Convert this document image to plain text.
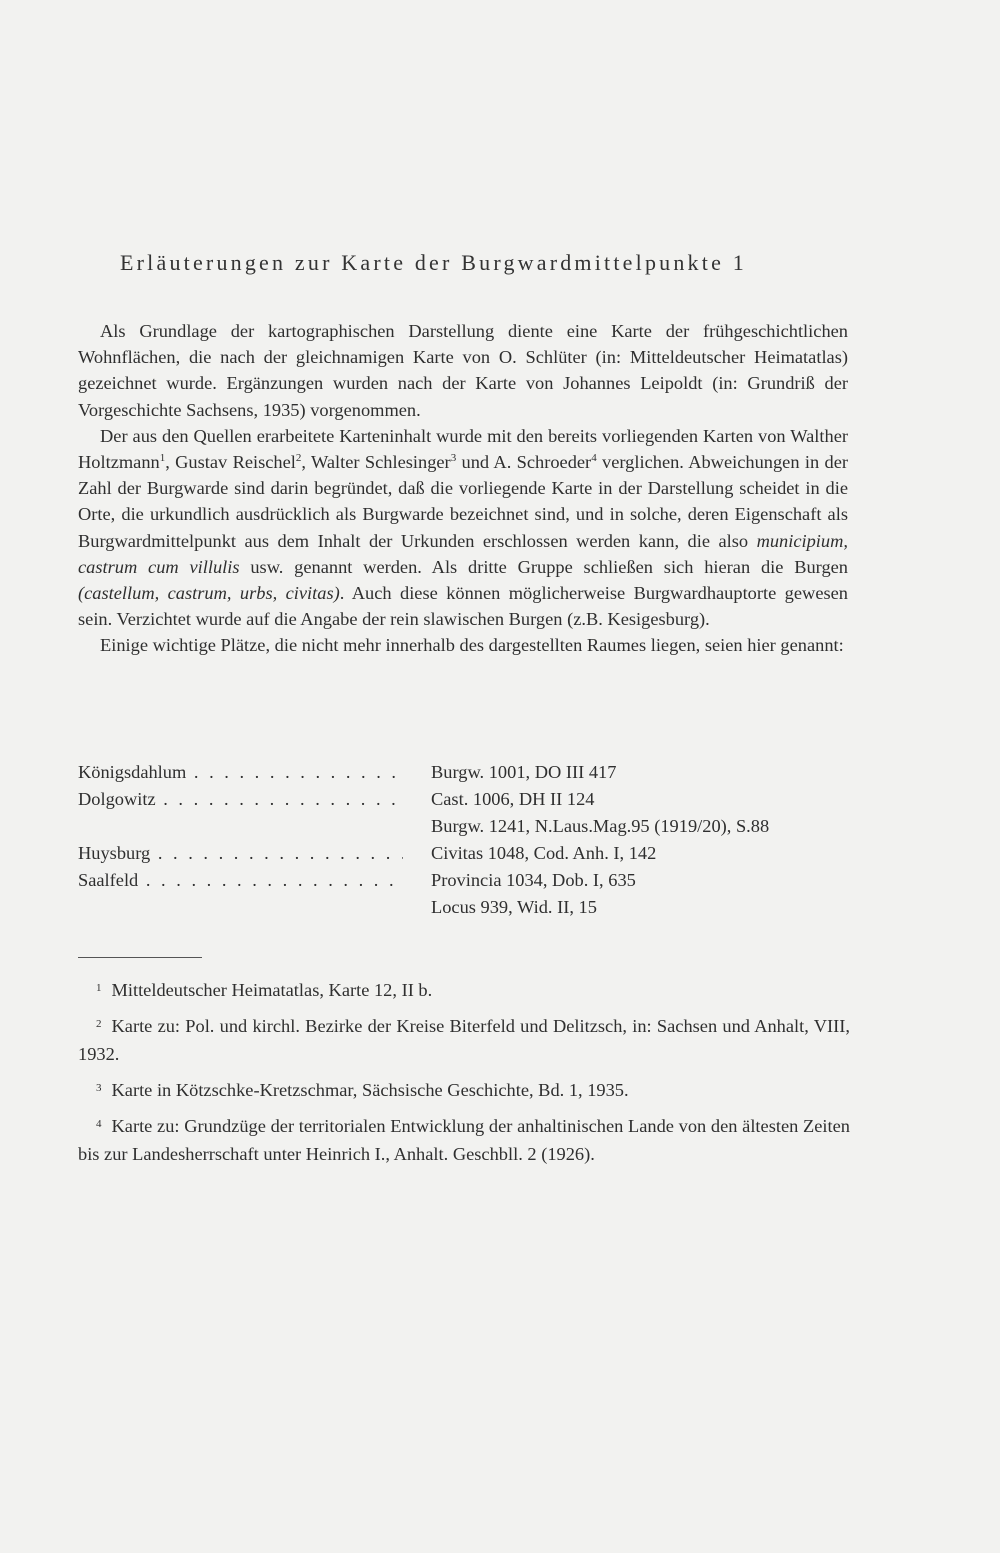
Erläuterungen zur Karte der Burgwardmittelpunkte 1

Als Grundlage der kartographischen Darstellung diente eine Karte der frühgeschichtlichen Wohnflächen, die nach der gleichnamigen Karte von O. Schlüter (in: Mitteldeutscher Heimatatlas) gezeichnet wurde. Ergänzungen wurden nach der Karte von Johannes Leipoldt (in: Grundriß der Vorgeschichte Sachsens, 1935) vorgenommen.

Der aus den Quellen erarbeitete Karteninhalt wurde mit den bereits vorliegenden Karten von Walther Holtzmann$^1$, Gustav Reischel$^2$, Walter Schlesinger$^3$ und A. Schroeder$^4$ verglichen. Abweichungen in der Zahl der Burgwarde sind darin begründet, daß die vorliegende Karte in der Darstellung scheidet in die Orte, die urkundlich ausdrücklich als Burgwarde bezeichnet sind, und in solche, deren Eigenschaft als Burgwardmittelpunkt aus dem Inhalt der Urkunden erschlossen werden kann, die also municipium, castrum cum villulis usw. genannt werden. Als dritte Gruppe schließen sich hieran die Burgen (castellum, castrum, urbs, civitas). Auch diese können möglicherweise Burgwardhauptorte gewesen sein. Verzichtet wurde auf die Angabe der rein slawischen Burgen (z.B. Kesigesburg).

Einige wichtige Plätze, die nicht mehr innerhalb des dargestellten Raumes liegen, seien hier genannt:

Königsdahlum . . .	Burgw. 1001, DO III 417
Dolgowitz . . .	Cast. 1006, DH II 124
Burgw. 1241, N.Laus.Mag.95 (1919/20), S.88
Huysburg . . .	Civitas 1048, Cod. Anh. I, 142
Saalfeld . . .	Provincia 1034, Dob. I, 635
Locus 939, Wid. II, 15

$^1$ Mitteldeutscher Heimatatlas, Karte 12, II b.

$^2$ Karte zu: Pol. und kirchl. Bezirke der Kreise Biterfeld und Delitzsch, in: Sachsen und Anhalt, VIII, 1932.

$^3$ Karte in Kötzschke-Kretzschmar, Sächsische Geschichte, Bd. 1, 1935.

$^4$ Karte zu: Grundzüge der territorialen Entwicklung der anhaltinischen Lande von den ältesten Zeiten bis zur Landesherrschaft unter Heinrich I., Anhalt. Geschbll. 2 (1926).
